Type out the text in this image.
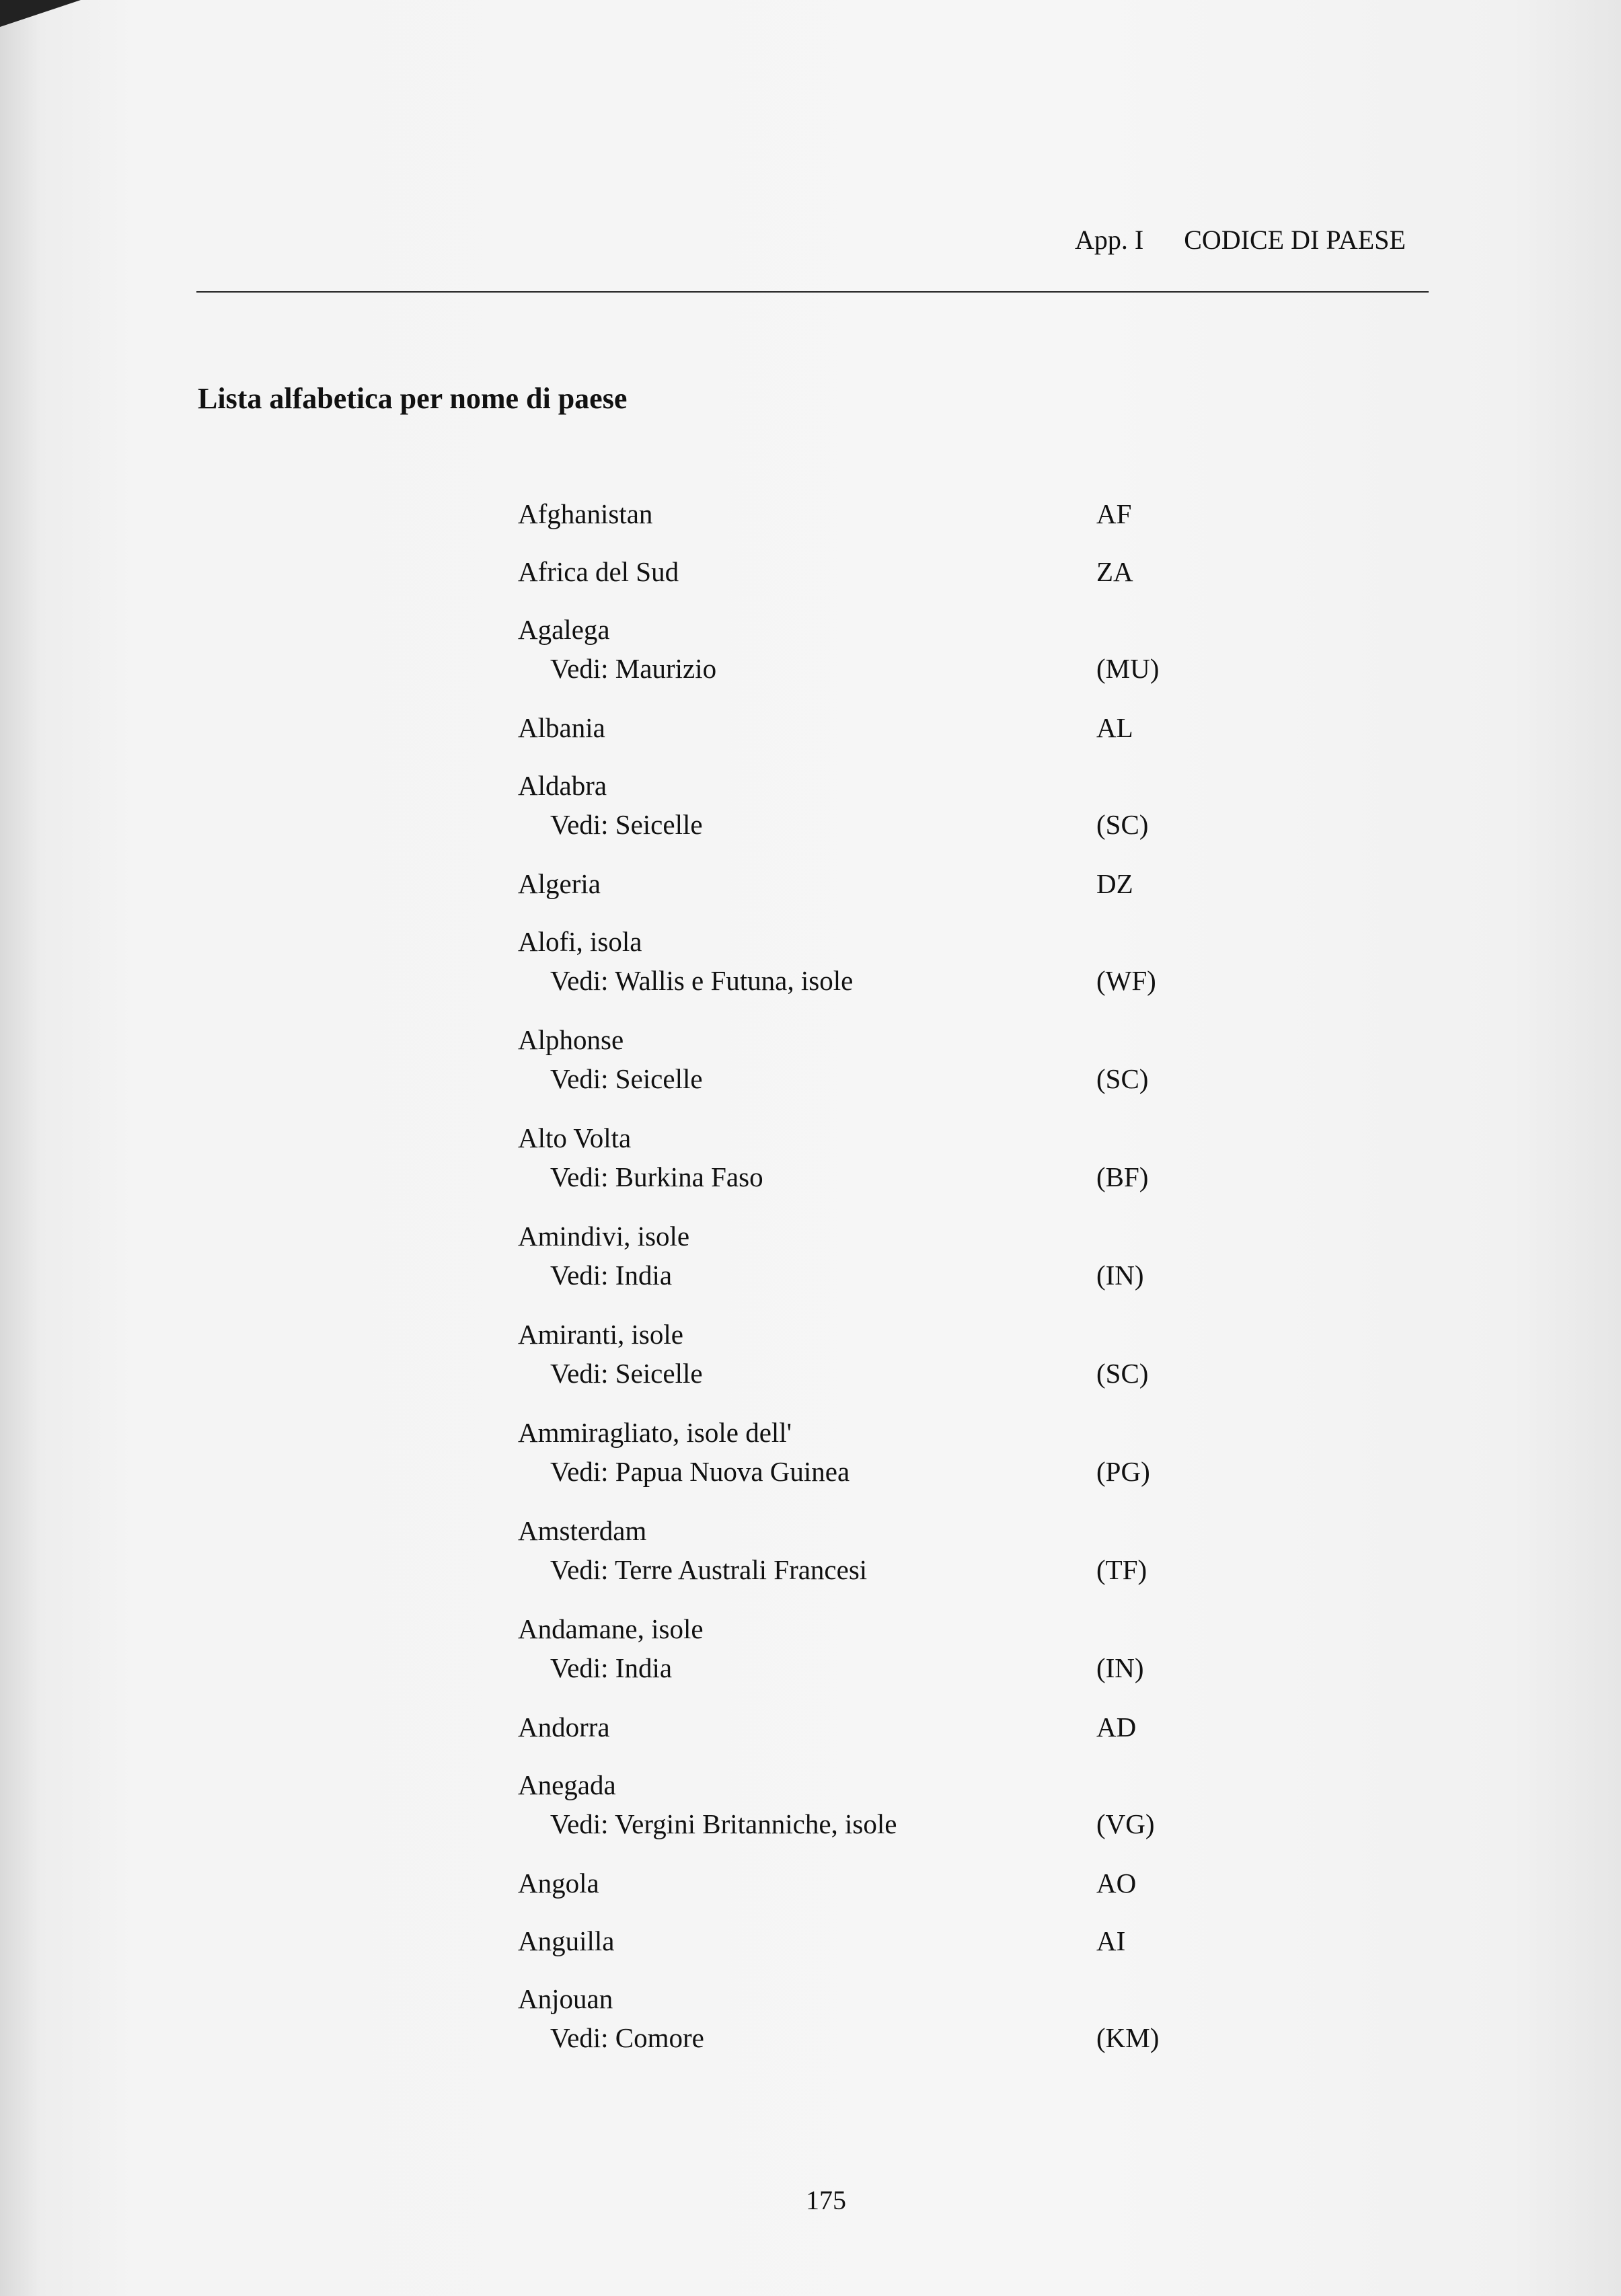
App. I CODICE DI PAESE
Lista alfabetica per nome di paese
Afghanistan	AF
Africa del Sud	ZA
Agalega
Vedi: Maurizio	(MU)
Albania	AL
Aldabra
Vedi: Seicelle	(SC)
Algeria	DZ
Alofi, isola
Vedi: Wallis e Futuna, isole	(WF)
Alphonse
Vedi: Seicelle	(SC)
Alto Volta
Vedi: Burkina Faso	(BF)
Amindivi, isole
Vedi: India	(IN)
Amiranti, isole
Vedi: Seicelle	(SC)
Ammiragliato, isole dell'
Vedi: Papua Nuova Guinea	(PG)
Amsterdam
Vedi: Terre Australi Francesi	(TF)
Andamane, isole
Vedi: India	(IN)
Andorra	AD
Anegada
Vedi: Vergini Britanniche, isole	(VG)
Angola	AO
Anguilla	AI
Anjouan
Vedi: Comore	(KM)
175
